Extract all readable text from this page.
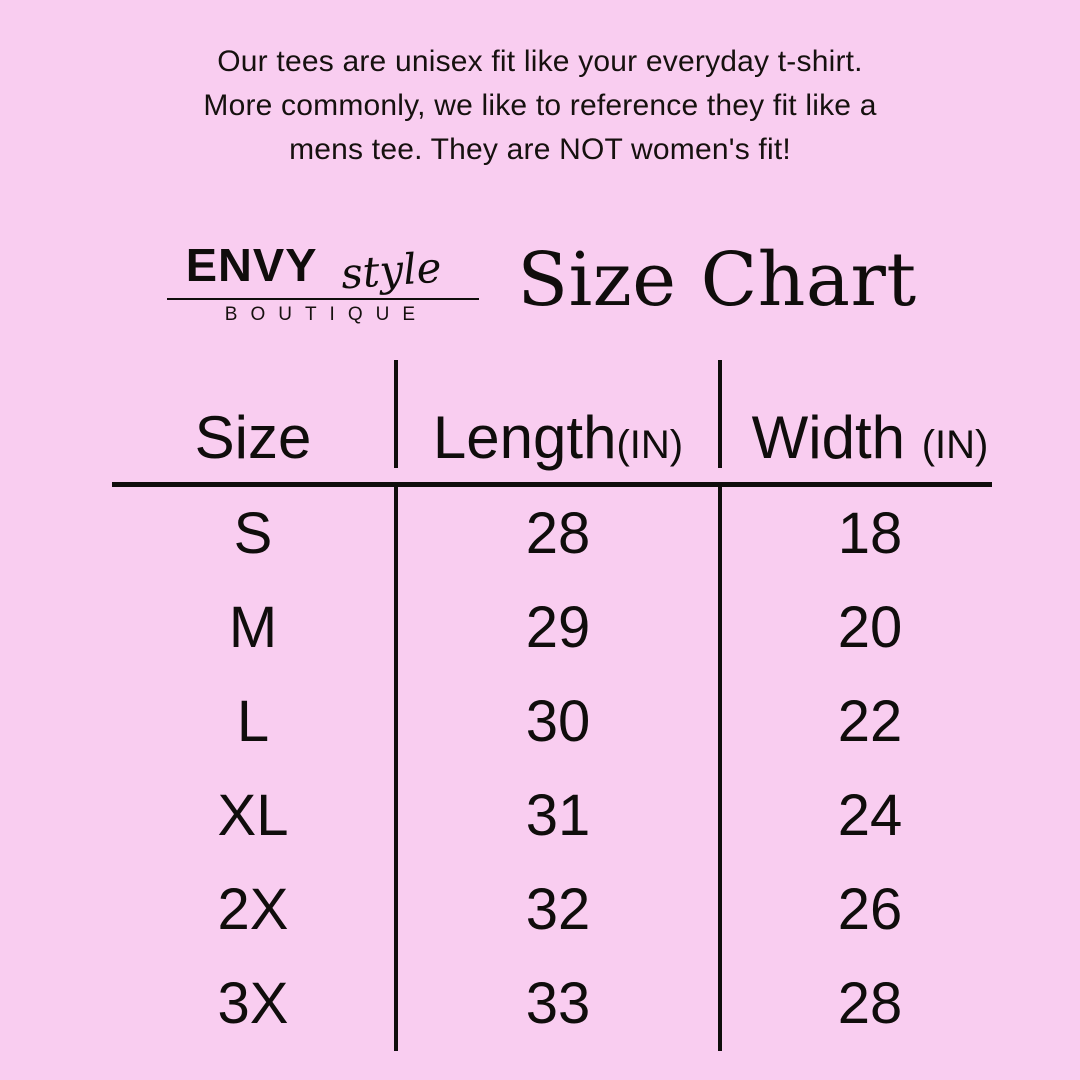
Our tees are unisex fit like your everyday t-shirt.
More commonly, we like to reference they fit like a
mens tee. They are NOT women's fit!
ENVY style
BOUTIQUE	Size Chart
Size	Length(IN)	Width (IN)
S	28	18
M	29	20
L	30	22
XL	31	24
2X	32	26
3X	33	28
